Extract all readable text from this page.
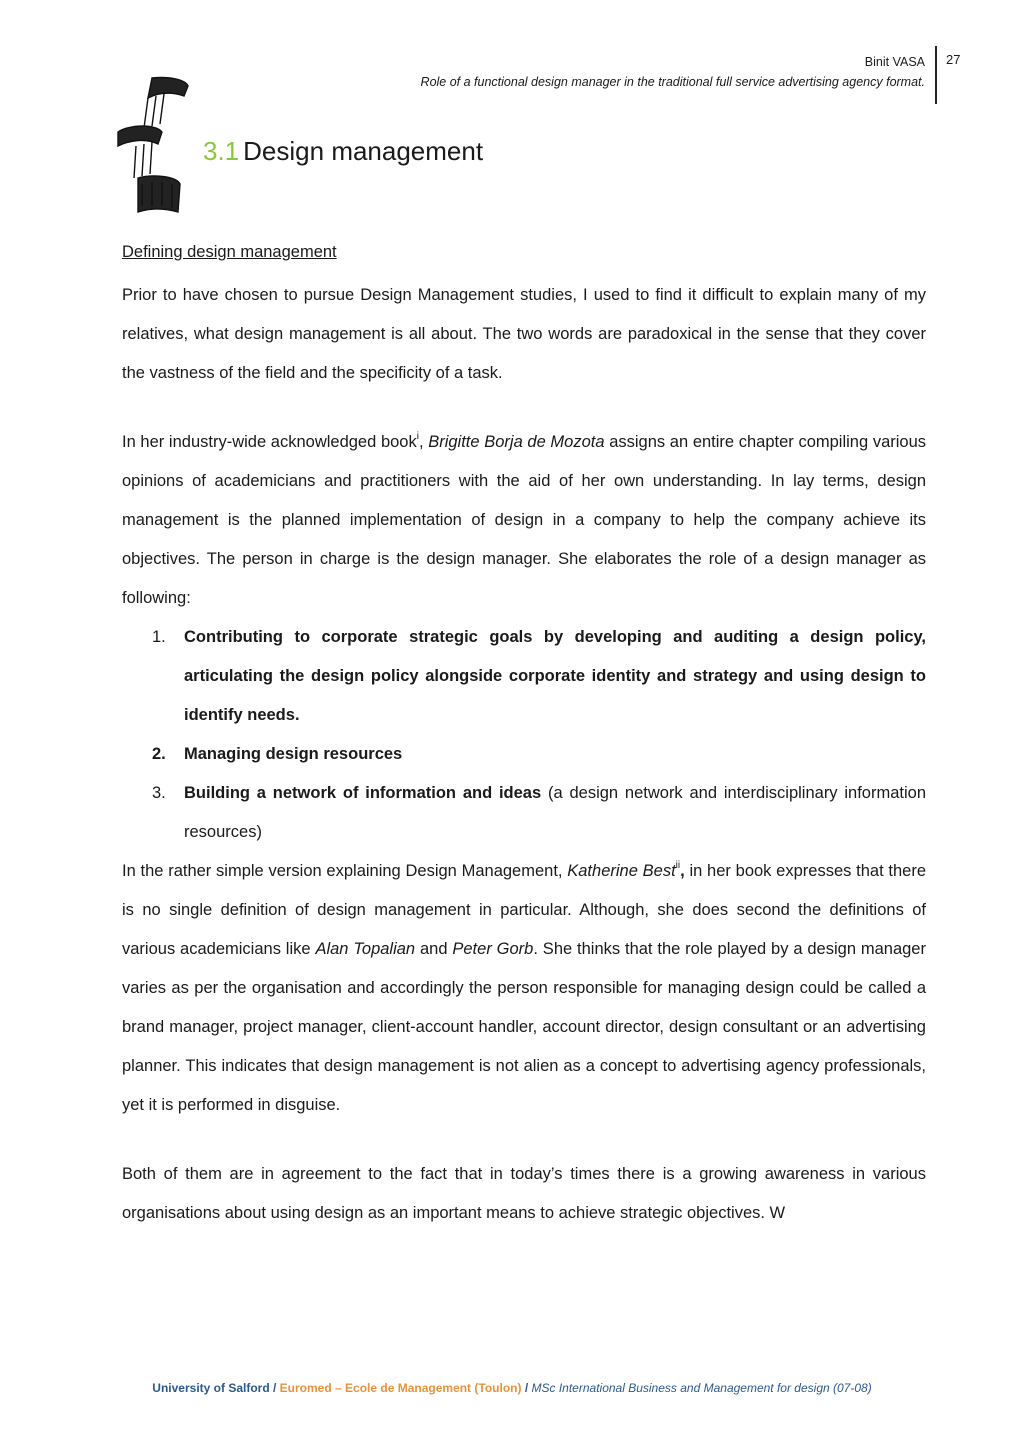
Binit VASA
Role of a functional design manager in the traditional full service advertising agency format.
27
3.1 Design management

Defining design management

Prior to have chosen to pursue Design Management studies, I used to find it difficult to explain many of my relatives, what design management is all about. The two words are paradoxical in the sense that they cover the vastness of the field and the specificity of a task.

In her industry-wide acknowledged book$^i$, Brigitte Borja de Mozota assigns an entire chapter compiling various opinions of academicians and practitioners with the aid of her own understanding. In lay terms, design management is the planned implementation of design in a company to help the company achieve its objectives. The person in charge is the design manager. She elaborates the role of a design manager as following:

1. Contributing to corporate strategic goals by developing and auditing a design policy, articulating the design policy alongside corporate identity and strategy and using design to identify needs.
2. Managing design resources
3. Building a network of information and ideas (a design network and interdisciplinary information resources)

In the rather simple version explaining Design Management, Katherine Best$^{ii}$, in her book expresses that there is no single definition of design management in particular. Although, she does second the definitions of various academicians like Alan Topalian and Peter Gorb. She thinks that the role played by a design manager varies as per the organisation and accordingly the person responsible for managing design could be called a brand manager, project manager, client-account handler, account director, design consultant or an advertising planner. This indicates that design management is not alien as a concept to advertising agency professionals, yet it is performed in disguise.

Both of them are in agreement to the fact that in today’s times there is a growing awareness in various organisations about using design as an important means to achieve strategic objectives. W

University of Salford / Euromed – Ecole de Management (Toulon) / MSc International Business and Management for design (07-08)
